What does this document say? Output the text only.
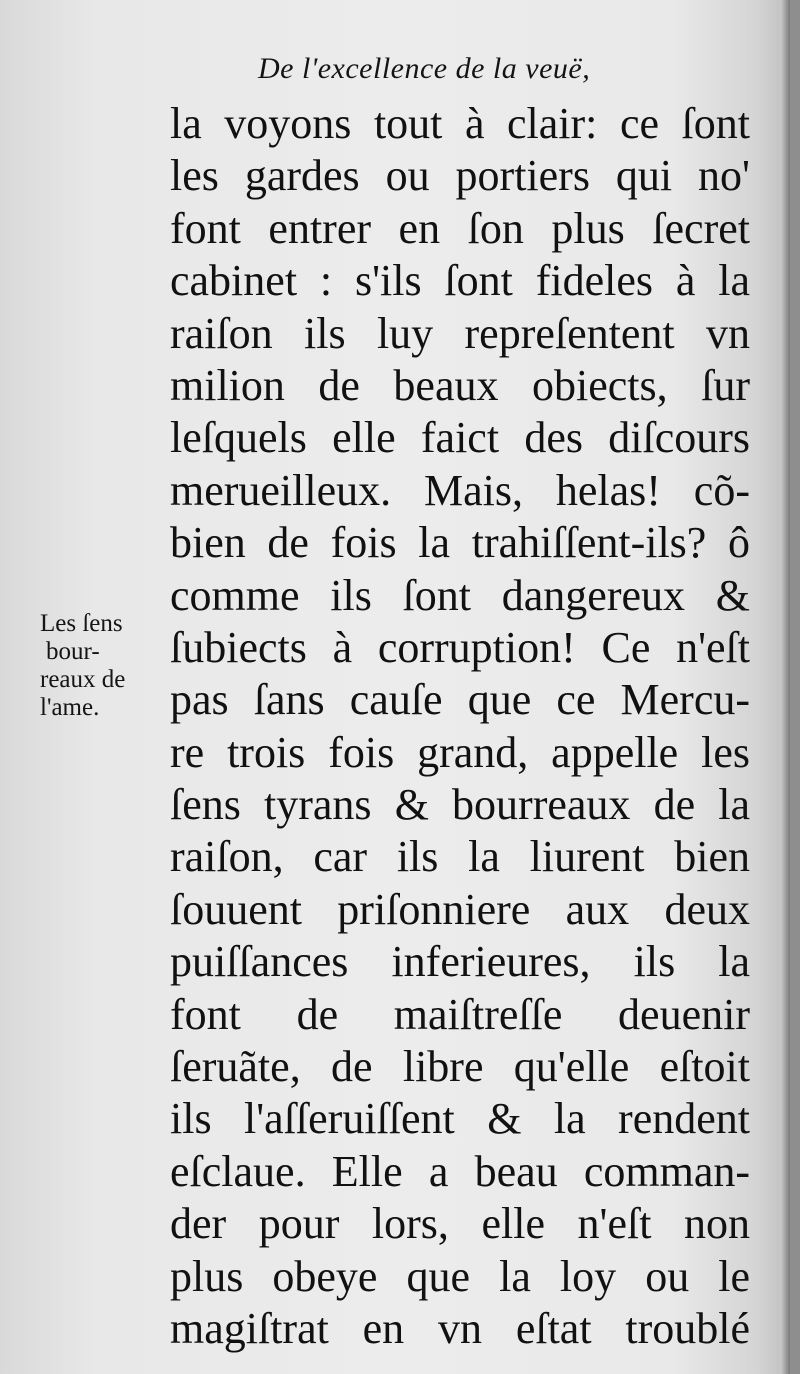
De l'excellence de la veuë,
Les ſens
bour-
reaux de
l'ame.
la voyons tout à clair: ce ſont
les gardes ou portiers qui no'
font entrer en ſon plus ſecret
cabinet : s'ils ſont fideles à la
raiſon ils luy repreſentent vn
milion de beaux obiects, ſur
leſquels elle faict des diſcours
merueilleux. Mais, helas! cõ-
bien de fois la trahiſſent-ils? ô
comme ils ſont dangereux &
ſubiects à corruption! Ce n'eſt
pas ſans cauſe que ce Mercu-
re trois fois grand, appelle les
ſens tyrans & bourreaux de la
raiſon, car ils la liurent bien
ſouuent priſonniere aux deux
puiſſances inferieures, ils la
font de maiſtreſſe deuenir
ſeruãte, de libre qu'elle eſtoit
ils l'aſſeruiſſent & la rendent
eſclaue. Elle a beau comman-
der pour lors, elle n'eſt non
plus obeye que la loy ou le
magiſtrat en vn eſtat troublé
